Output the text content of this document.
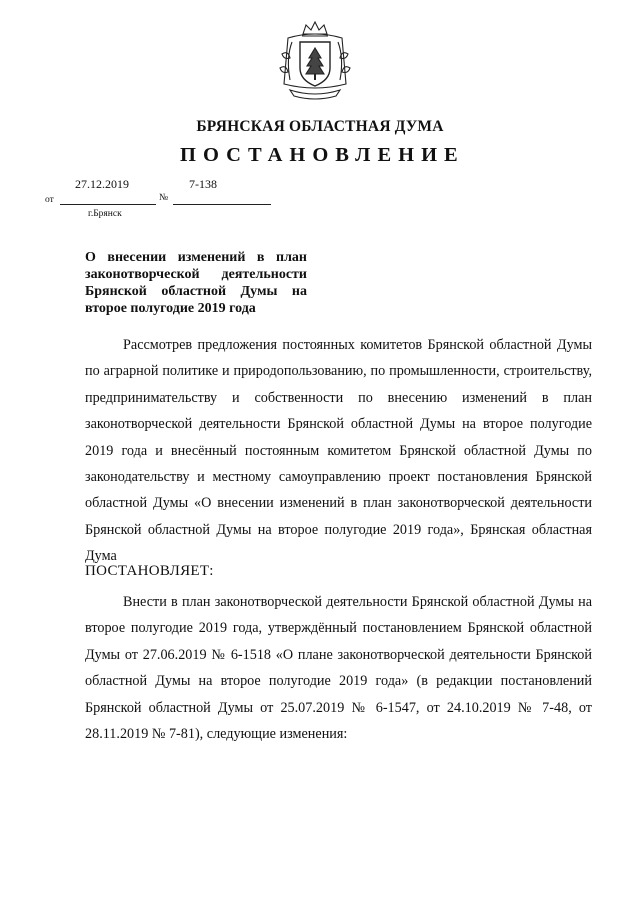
БРЯНСКАЯ ОБЛАСТНАЯ ДУМА
ПОСТАНОВЛЕНИЕ
27.12.2019	7-138
от	№
г.Брянск
О внесении изменений в план законотворческой деятельности Брянской областной Думы на второе полугодие 2019 года
Рассмотрев предложения постоянных комитетов Брянской областной Думы по аграрной политике и природопользованию, по промышленности, строительству, предпринимательству и собственности по внесению изменений в план законотворческой деятельности Брянской областной Думы на второе полугодие 2019 года и внесённый постоянным комитетом Брянской областной Думы по законодательству и местному самоуправлению проект постановления Брянской областной Думы «О внесении изменений в план законотворческой деятельности Брянской областной Думы на второе полугодие 2019 года», Брянская областная Дума
ПОСТАНОВЛЯЕТ:
Внести в план законотворческой деятельности Брянской областной Думы на второе полугодие 2019 года, утверждённый постановлением Брянской областной Думы от 27.06.2019 № 6-1518 «О плане законотворческой деятельности Брянской областной Думы на второе полугодие 2019 года» (в редакции постановлений Брянской областной Думы от 25.07.2019 № 6-1547, от 24.10.2019 № 7-48, от 28.11.2019 № 7-81), следующие изменения:
